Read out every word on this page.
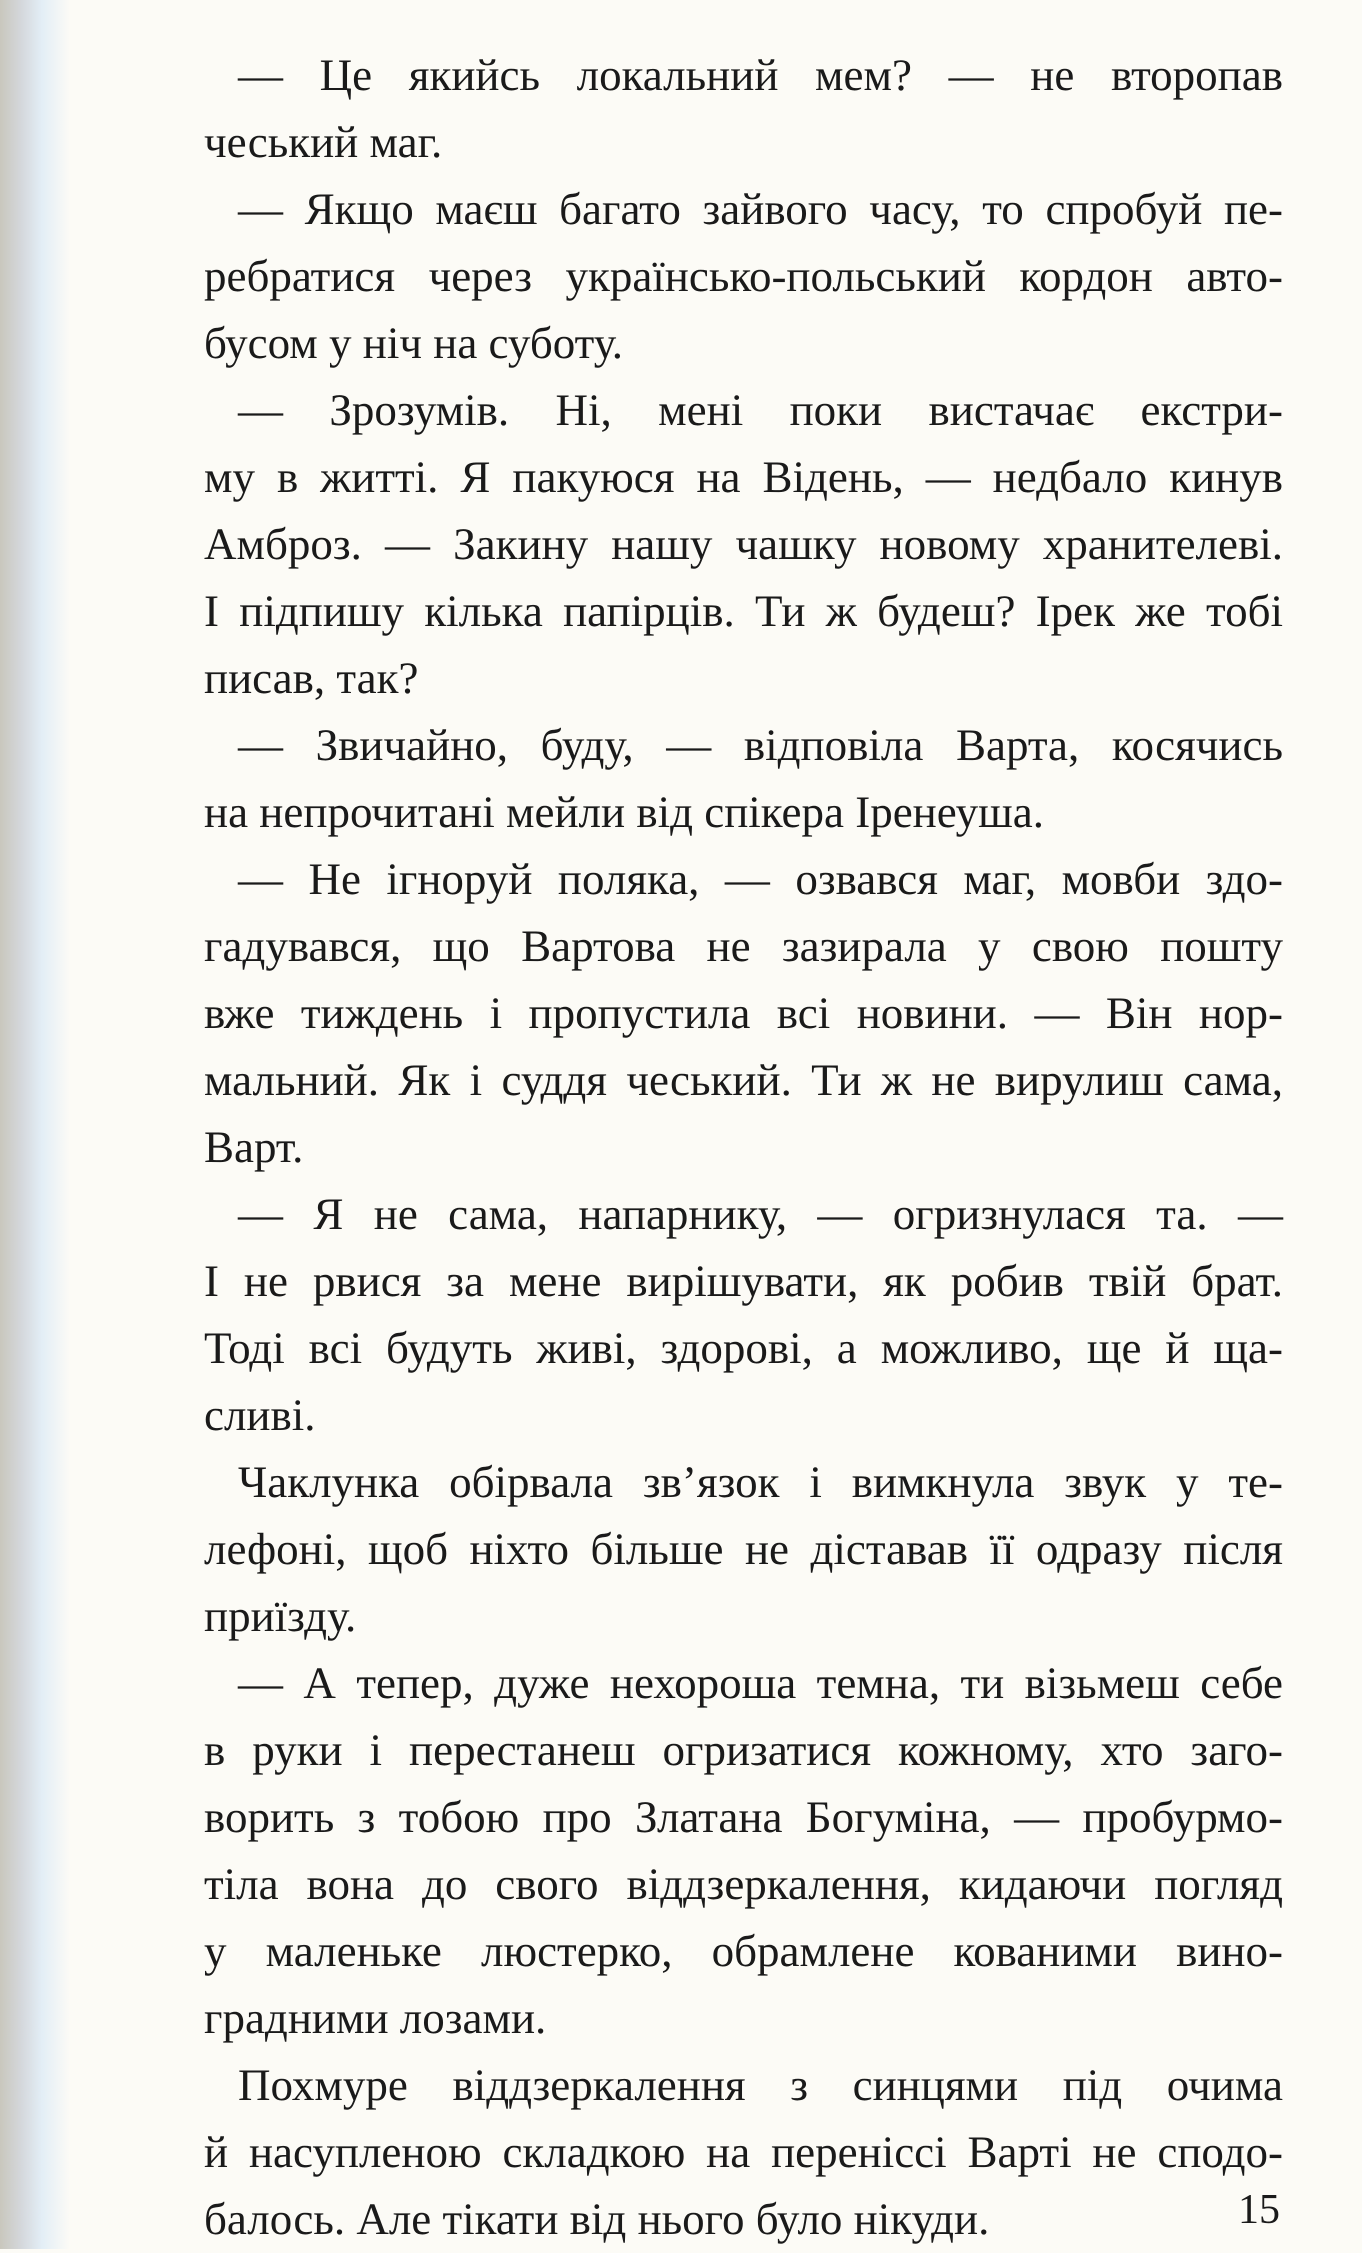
— Це якийсь локальний мем? — не второпав
чеський маг.
— Якщо маєш багато зайвого часу, то спробуй пе-
ребратися через українсько-польський кордон авто-
бусом у ніч на суботу.
— Зрозумів. Ні, мені поки вистачає екстри-
му в житті. Я пакуюся на Відень, — недбало кинув
Амброз. — Закину нашу чашку новому хранителеві.
І підпишу кілька папірців. Ти ж будеш? Ірек же тобі
писав, так?
— Звичайно, буду, — відповіла Варта, косячись
на непрочитані мейли від спікера Іренеуша.
— Не ігноруй поляка, — озвався маг, мовби здо-
гадувався, що Вартова не зазирала у свою пошту
вже тиждень і пропустила всі новини. — Він нор-
мальний. Як і суддя чеський. Ти ж не вирулиш сама,
Варт.
— Я не сама, напарнику, — огризнулася та. —
І не рвися за мене вирішувати, як робив твій брат.
Тоді всі будуть живі, здорові, а можливо, ще й ща-
сливі.
Чаклунка обірвала зв’язок і вимкнула звук у те-
лефоні, щоб ніхто більше не діставав її одразу після
приїзду.
— А тепер, дуже нехороша темна, ти візьмеш себе
в руки і перестанеш огризатися кожному, хто заго-
ворить з тобою про Златана Богуміна, — пробурмо-
тіла вона до свого віддзеркалення, кидаючи погляд
у маленьке люстерко, обрамлене кованими вино-
градними лозами.
Похмуре віддзеркалення з синцями під очима
й насупленою складкою на переніссі Варті не сподо-
балось. Але тікати від нього було нікуди.	15
